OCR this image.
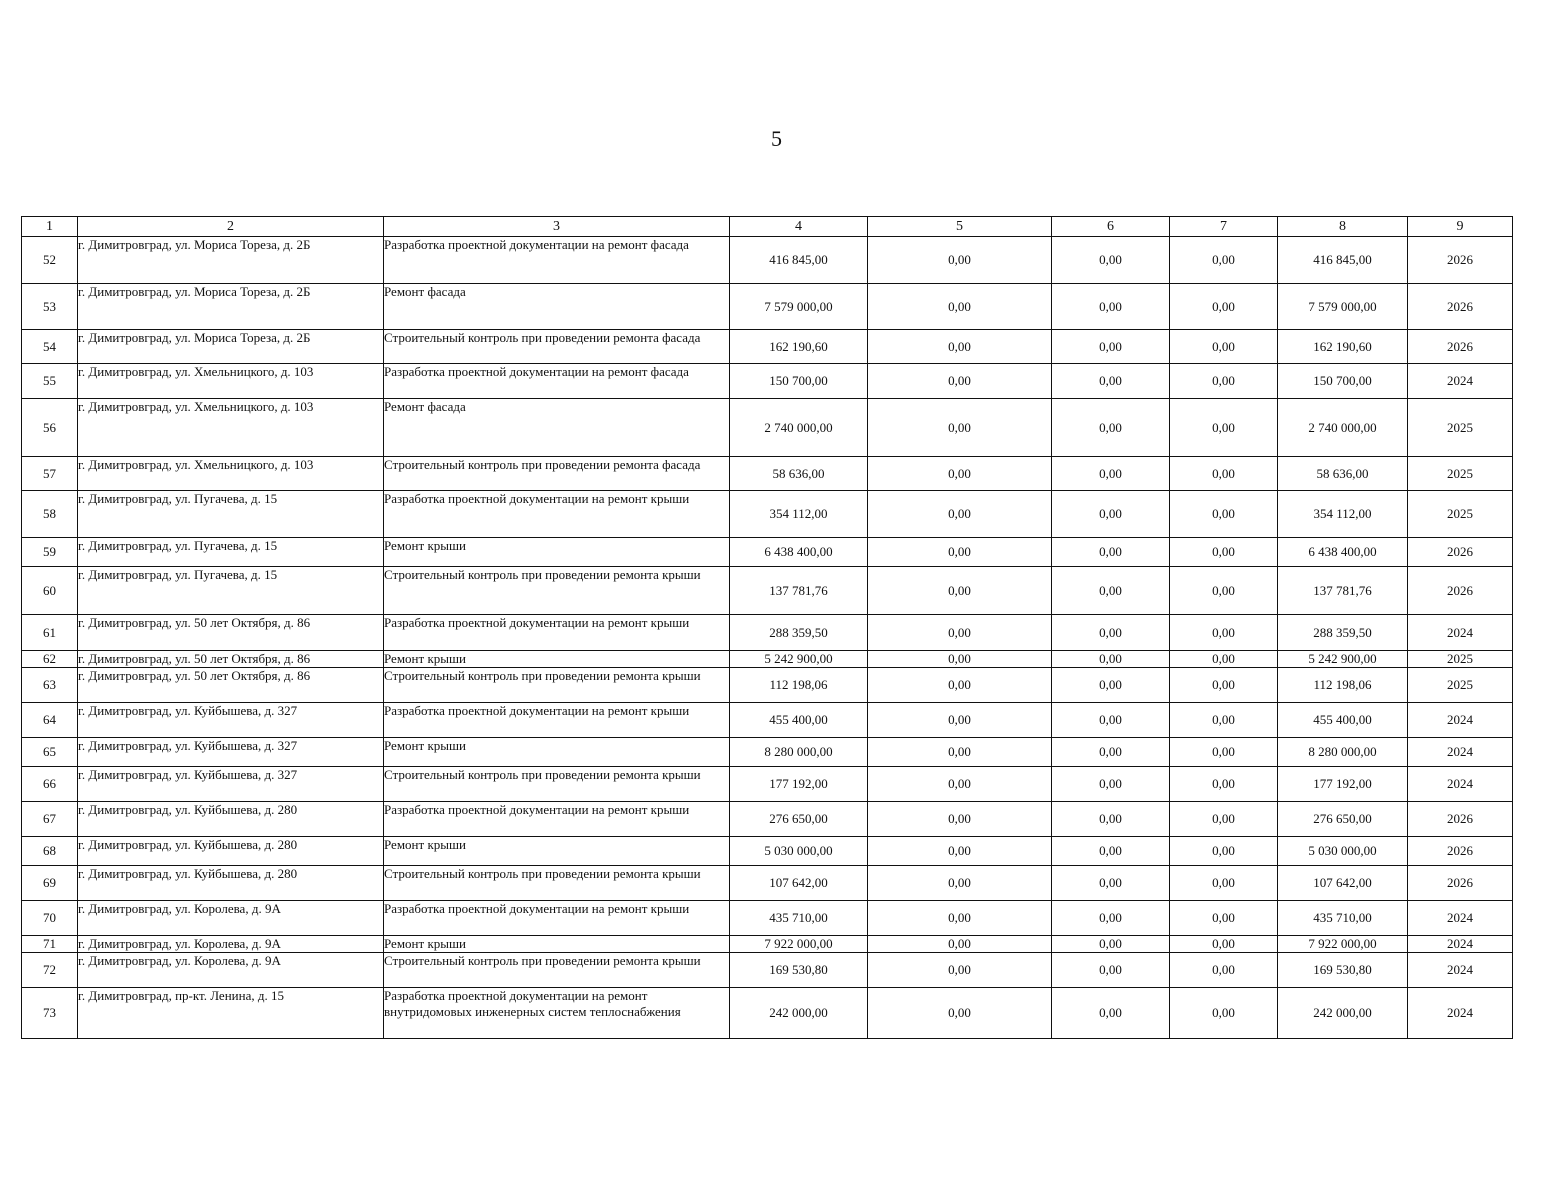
5
1	2	3	4	5	6	7	8	9
52	г. Димитровград, ул. Мориса Тореза, д. 2Б	Разработка проектной документации на ремонт фасада	416 845,00	0,00	0,00	0,00	416 845,00	2026
53	г. Димитровград, ул. Мориса Тореза, д. 2Б	Ремонт фасада	7 579 000,00	0,00	0,00	0,00	7 579 000,00	2026
54	г. Димитровград, ул. Мориса Тореза, д. 2Б	Строительный контроль при проведении ремонта фасада	162 190,60	0,00	0,00	0,00	162 190,60	2026
55	г. Димитровград, ул. Хмельницкого, д. 103	Разработка проектной документации на ремонт фасада	150 700,00	0,00	0,00	0,00	150 700,00	2024
56	г. Димитровград, ул. Хмельницкого, д. 103	Ремонт фасада	2 740 000,00	0,00	0,00	0,00	2 740 000,00	2025
57	г. Димитровград, ул. Хмельницкого, д. 103	Строительный контроль при проведении ремонта фасада	58 636,00	0,00	0,00	0,00	58 636,00	2025
58	г. Димитровград, ул. Пугачева, д. 15	Разработка проектной документации на ремонт крыши	354 112,00	0,00	0,00	0,00	354 112,00	2025
59	г. Димитровград, ул. Пугачева, д. 15	Ремонт крыши	6 438 400,00	0,00	0,00	0,00	6 438 400,00	2026
60	г. Димитровград, ул. Пугачева, д. 15	Строительный контроль при проведении ремонта крыши	137 781,76	0,00	0,00	0,00	137 781,76	2026
61	г. Димитровград, ул. 50 лет Октября, д. 86	Разработка проектной документации на ремонт крыши	288 359,50	0,00	0,00	0,00	288 359,50	2024
62	г. Димитровград, ул. 50 лет Октября, д. 86	Ремонт крыши	5 242 900,00	0,00	0,00	0,00	5 242 900,00	2025
63	г. Димитровград, ул. 50 лет Октября, д. 86	Строительный контроль при проведении ремонта крыши	112 198,06	0,00	0,00	0,00	112 198,06	2025
64	г. Димитровград, ул. Куйбышева, д. 327	Разработка проектной документации на ремонт крыши	455 400,00	0,00	0,00	0,00	455 400,00	2024
65	г. Димитровград, ул. Куйбышева, д. 327	Ремонт крыши	8 280 000,00	0,00	0,00	0,00	8 280 000,00	2024
66	г. Димитровград, ул. Куйбышева, д. 327	Строительный контроль при проведении ремонта крыши	177 192,00	0,00	0,00	0,00	177 192,00	2024
67	г. Димитровград, ул. Куйбышева, д. 280	Разработка проектной документации на ремонт крыши	276 650,00	0,00	0,00	0,00	276 650,00	2026
68	г. Димитровград, ул. Куйбышева, д. 280	Ремонт крыши	5 030 000,00	0,00	0,00	0,00	5 030 000,00	2026
69	г. Димитровград, ул. Куйбышева, д. 280	Строительный контроль при проведении ремонта крыши	107 642,00	0,00	0,00	0,00	107 642,00	2026
70	г. Димитровград, ул. Королева, д. 9А	Разработка проектной документации на ремонт крыши	435 710,00	0,00	0,00	0,00	435 710,00	2024
71	г. Димитровград, ул. Королева, д. 9А	Ремонт крыши	7 922 000,00	0,00	0,00	0,00	7 922 000,00	2024
72	г. Димитровград, ул. Королева, д. 9А	Строительный контроль при проведении ремонта крыши	169 530,80	0,00	0,00	0,00	169 530,80	2024
73	г. Димитровград, пр-кт. Ленина, д. 15	Разработка проектной документации на ремонт внутридомовых инженерных систем теплоснабжения	242 000,00	0,00	0,00	0,00	242 000,00	2024
